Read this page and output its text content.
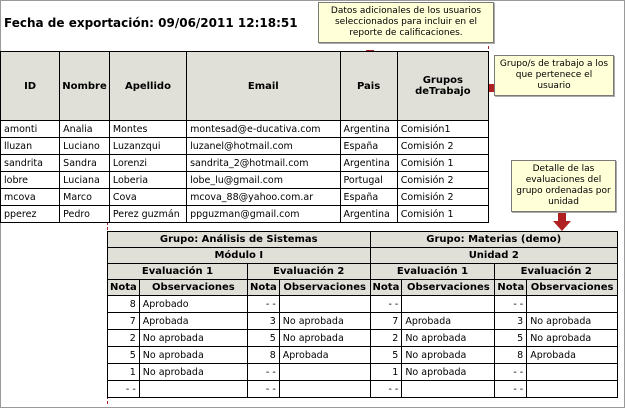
Fecha de exportación: 09/06/2011 12:18:51
Datos adicionales de los usuarios seleccionados para incluir en el reporte de calificaciones.
Grupo/s de trabajo a los que pertenece el usuario
Detalle de las evaluaciones del grupo ordenadas por unidad
ID	Nombre	Apellido	Email	Pais	Grupos deTrabajo
amonti	Analia	Montes	montesad@e-ducativa.com	Argentina	Comisión1
lluzan	Luciano	Luzanzqui	luzanel@hotmail.com	España	Comisión 2
sandrita	Sandra	Lorenzi	sandrita_2@hotmail.com	Argentina	Comisión 1
lobre	Luciana	Loberia	lobe_lu@gmail.com	Portugal	Comisión 2
mcova	Marco	Cova	mcova_88@yahoo.com.ar	España	Comisión 2
pperez	Pedro	Perez guzmán	ppguzman@gmail.com	Argentina	Comisión 1
Grupo: Análisis de Sistemas				Grupo: Materias (demo)			
Módulo I				Unidad 2			
Evaluación 1		Evaluación 2		Evaluación 1		Evaluación 2	
Nota	Observaciones	Nota	Observaciones	Nota	Observaciones	Nota	Observaciones
8	Aprobado	- -		- -		- -	
7	Aprobada	3	No aprobada	7	Aprobada	3	No aprobada
2	No aprobada	5	No aprobada	2	No aprobada	5	No aprobada
5	No aprobada	8	Aprobada	5	No aprobada	8	Aprobada
1	No aprobada	- -		1	No aprobada	- -	
- -		- -		- -		- -	
